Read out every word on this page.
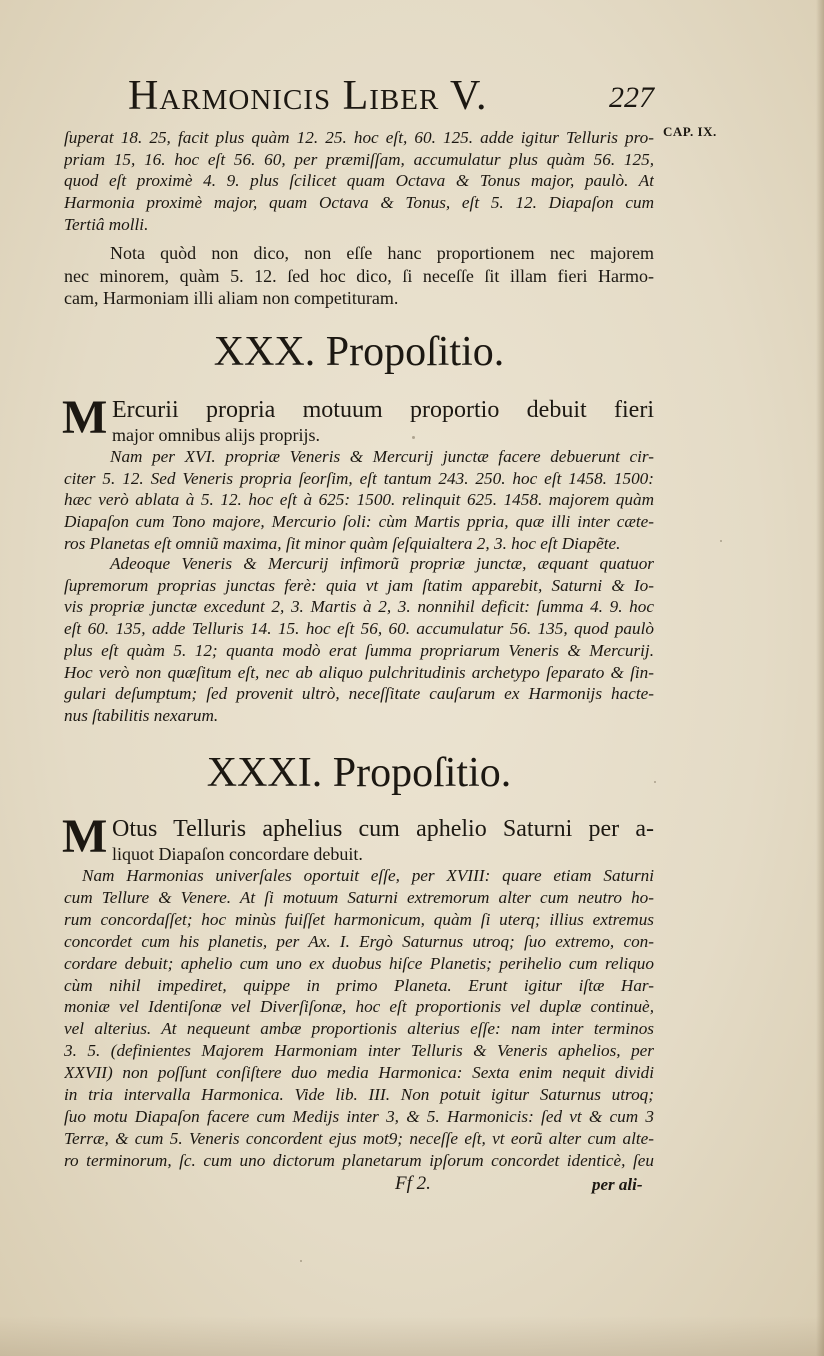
Harmonicis Liber V.	227
CAP. IX.
ſuperat 18. 25, facit plus quàm 12. 25. hoc eſt, 60. 125. adde igitur Telluris pro-
priam 15, 16. hoc eſt 56. 60, per præmiſſam, accumulatur plus quàm 56. 125,
quod eſt proximè 4. 9. plus ſcilicet quam Octava & Tonus major, paulò. At
Harmonia proximè major, quam Octava & Tonus, eſt 5. 12. Diapaſon cum
Tertiâ molli.
Nota quòd non dico, non eſſe hanc proportionem nec majorem
nec minorem, quàm 5. 12. ſed hoc dico, ſi neceſſe ſit illam fieri Harmo-
cam, Harmoniam illi aliam non competituram.
XXX. Propoſitio.
M Ercurii propria motuum proportio debuit fieri
major omnibus alijs proprijs.
Nam per XVI. propriæ Veneris & Mercurij junctæ facere debuerunt cir-
citer 5. 12. Sed Veneris propria ſeorſim, eſt tantum 243. 250. hoc eſt 1458. 1500:
hæc verò ablata à 5. 12. hoc eſt à 625: 1500. relinquit 625. 1458. majorem quàm
Diapaſon cum Tono majore, Mercurio ſoli: cùm Martis ppria, quæ illi inter cæte-
ros Planetas eſt omniũ maxima, ſit minor quàm ſeſquialtera 2, 3. hoc eſt Diapẽte.
Adeoque Veneris & Mercurij infimorũ propriæ junctæ, æquant quatuor
ſupremorum proprias junctas ferè: quia vt jam ſtatim apparebit, Saturni & Io-
vis propriæ junctæ excedunt 2, 3. Martis à 2, 3. nonnihil deficit: ſumma 4. 9. hoc
eſt 60. 135, adde Telluris 14. 15. hoc eſt 56, 60. accumulatur 56. 135, quod paulò
plus eſt quàm 5. 12; quanta modò erat ſumma propriarum Veneris & Mercurij.
Hoc verò non quæſitum eſt, nec ab aliquo pulchritudinis archetypo ſeparato & ſin-
gulari deſumptum; ſed provenit ultrò, neceſſitate cauſarum ex Harmonijs hacte-
nus ſtabilitis nexarum.
XXXI. Propoſitio.
M Otus Telluris aphelius cum aphelio Saturni per a-
liquot Diapaſon concordare debuit.
Nam Harmonias univerſales oportuit eſſe, per XVIII: quare etiam Saturni
cum Tellure & Venere. At ſi motuum Saturni extremorum alter cum neutro ho-
rum concordaſſet; hoc minùs fuiſſet harmonicum, quàm ſi uterq; illius extremus
concordet cum his planetis, per Ax. I. Ergò Saturnus utroq; ſuo extremo, con-
cordare debuit; aphelio cum uno ex duobus hiſce Planetis; perihelio cum reliquo
cùm nihil impediret, quippe in primo Planeta. Erunt igitur iſtæ Har-
moniæ vel Identiſonæ vel Diverſiſonæ, hoc eſt proportionis vel duplæ continuè,
vel alterius. At nequeunt ambæ proportionis alterius eſſe: nam inter terminos
3. 5. (definientes Majorem Harmoniam inter Telluris & Veneris aphelios, per
XXVII) non poſſunt conſiſtere duo media Harmonica: Sexta enim nequit dividi
in tria intervalla Harmonica. Vide lib. III. Non potuit igitur Saturnus utroq;
ſuo motu Diapaſon facere cum Medijs inter 3, & 5. Harmonicis: ſed vt & cum 3
Terræ, & cum 5. Veneris concordent ejus mot9; neceſſe eſt, vt eorũ alter cum alte-
ro terminorum, ſc. cum uno dictorum planetarum ipſorum concordet identicè, ſeu
Ff 2.	per ali-
